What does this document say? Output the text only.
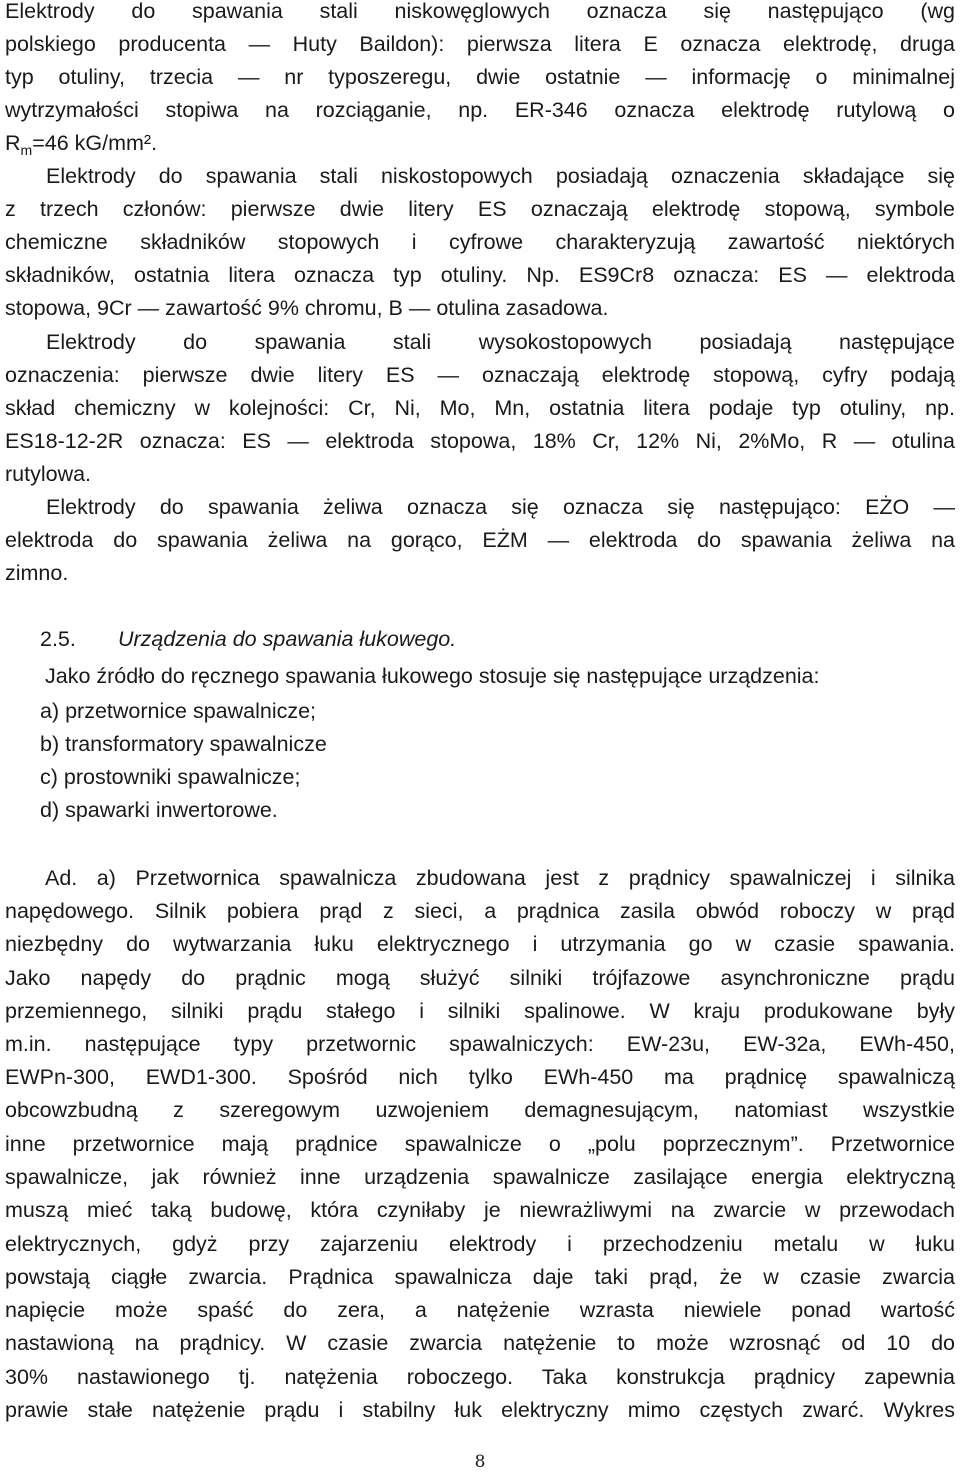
Elektrody do spawania stali niskowęglowych oznacza się następująco (wg
polskiego producenta — Huty Baildon): pierwsza litera E oznacza elektrodę, druga
typ otuliny, trzecia — nr typoszeregu, dwie ostatnie — informację o minimalnej
wytrzymałości stopiwa na rozciąganie, np. ER-346 oznacza elektrodę rutylową o
$R_m=46$ kG/mm².
Elektrody do spawania stali niskostopowych posiadają oznaczenia składające się
z trzech członów: pierwsze dwie litery ES oznaczają elektrodę stopową, symbole
chemiczne składników stopowych i cyfrowe charakteryzują zawartość niektórych
składników, ostatnia litera oznacza typ otuliny. Np. ES9Cr8 oznacza: ES — elektroda
stopowa, 9Cr — zawartość 9% chromu, B — otulina zasadowa.
Elektrody do spawania stali wysokostopowych posiadają następujące
oznaczenia: pierwsze dwie litery ES — oznaczają elektrodę stopową, cyfry podają
skład chemiczny w kolejności: Cr, Ni, Mo, Mn, ostatnia litera podaje typ otuliny, np.
ES18-12-2R oznacza: ES — elektroda stopowa, 18% Cr, 12% Ni, 2%Mo, R — otulina
rutylowa.
Elektrody do spawania żeliwa oznacza się oznacza się następująco: EŻO —
elektroda do spawania żeliwa na gorąco, EŻM — elektroda do spawania żeliwa na
zimno.
2.5. Urządzenia do spawania łukowego.
Jako źródło do ręcznego spawania łukowego stosuje się następujące urządzenia:
a) przetwornice spawalnicze;
b) transformatory spawalnicze
c) prostowniki spawalnicze;
d) spawarki inwertorowe.
Ad. a) Przetwornica spawalnicza zbudowana jest z prądnicy spawalniczej i silnika
napędowego. Silnik pobiera prąd z sieci, a prądnica zasila obwód roboczy w prąd
niezbędny do wytwarzania łuku elektrycznego i utrzymania go w czasie spawania.
Jako napędy do prądnic mogą służyć silniki trójfazowe asynchroniczne prądu
przemiennego, silniki prądu stałego i silniki spalinowe. W kraju produkowane były
m.in. następujące typy przetwornic spawalniczych: EW-23u, EW-32a, EWh-450,
EWPn-300, EWD1-300. Spośród nich tylko EWh-450 ma prądnicę spawalniczą
obcowzbudną z szeregowym uzwojeniem demagnesującym, natomiast wszystkie
inne przetwornice mają prądnice spawalnicze o „polu poprzecznym”. Przetwornice
spawalnicze, jak również inne urządzenia spawalnicze zasilające energia elektryczną
muszą mieć taką budowę, która czyniłaby je niewrażliwymi na zwarcie w przewodach
elektrycznych, gdyż przy zajarzeniu elektrody i przechodzeniu metalu w łuku
powstają ciągłe zwarcia. Prądnica spawalnicza daje taki prąd, że w czasie zwarcia
napięcie może spaść do zera, a natężenie wzrasta niewiele ponad wartość
nastawioną na prądnicy. W czasie zwarcia natężenie to może wzrosnąć od 10 do
30% nastawionego tj. natężenia roboczego. Taka konstrukcja prądnicy zapewnia
prawie stałe natężenie prądu i stabilny łuk elektryczny mimo częstych zwarć. Wykres
8
